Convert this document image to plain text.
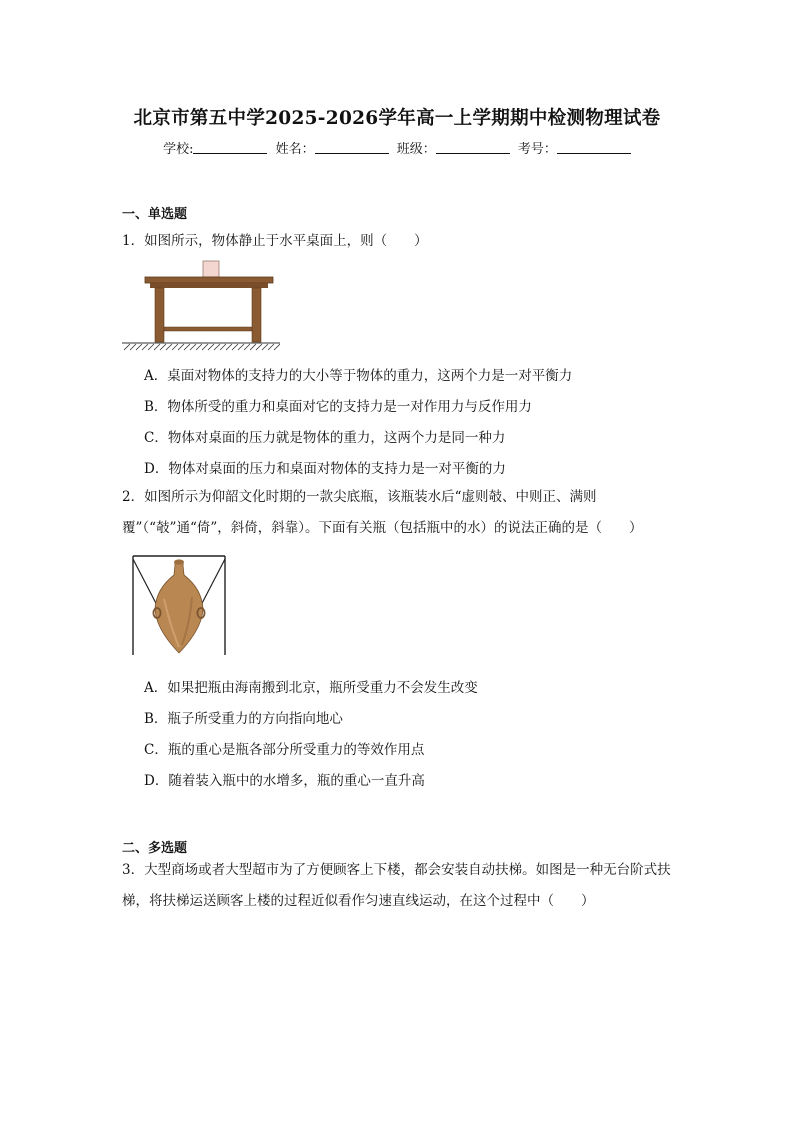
北京市第五中学2025-2026学年高一上学期期中检测物理试卷
学校:	姓名：	班级：	考号：
一、单选题
1．如图所示，物体静止于水平桌面上，则（　　）
A．桌面对物体的支持力的大小等于物体的重力，这两个力是一对平衡力
B．物体所受的重力和桌面对它的支持力是一对作用力与反作用力
C．物体对桌面的压力就是物体的重力，这两个力是同一种力
D．物体对桌面的压力和桌面对物体的支持力是一对平衡的力
2．如图所示为仰韶文化时期的一款尖底瓶，该瓶装水后“虚则攲、中则正、满则覆”（“攲”通“倚”，斜倚，斜靠）。下面有关瓶（包括瓶中的水）的说法正确的是（　　）
A．如果把瓶由海南搬到北京，瓶所受重力不会发生改变
B．瓶子所受重力的方向指向地心
C．瓶的重心是瓶各部分所受重力的等效作用点
D．随着装入瓶中的水增多，瓶的重心一直升高
二、多选题
3．大型商场或者大型超市为了方便顾客上下楼，都会安装自动扶梯。如图是一种无台阶式扶梯，将扶梯运送顾客上楼的过程近似看作匀速直线运动，在这个过程中（　　）
